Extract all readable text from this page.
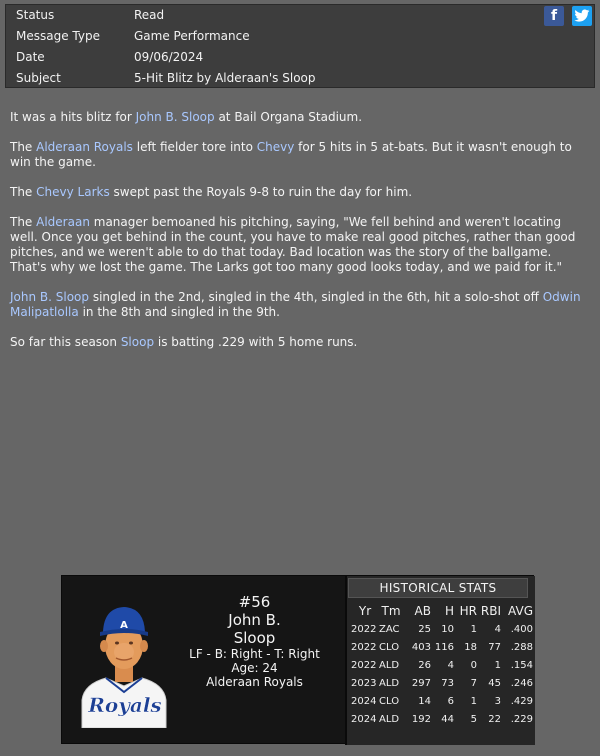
Status	Read
Message Type	Game Performance
Date	09/06/2024
Subject	5-Hit Blitz by Alderaan's Sloop
f

It was a hits blitz for John B. Sloop at Bail Organa Stadium.

The Alderaan Royals left fielder tore into Chevy for 5 hits in 5 at-bats. But it wasn't enough to win the game.

The Chevy Larks swept past the Royals 9-8 to ruin the day for him.

The Alderaan manager bemoaned his pitching, saying, "We fell behind and weren't locating well. Once you get behind in the count, you have to make real good pitches, rather than good pitches, and we weren't able to do that today. Bad location was the story of the ballgame. That's why we lost the game. The Larks got too many good looks today, and we paid for it."

John B. Sloop singled in the 2nd, singled in the 4th, singled in the 6th, hit a solo-shot off Odwin Malipatlolla in the 8th and singled in the 9th.

So far this season Sloop is batting .229 with 5 home runs.

Royals
A
#56
John B.
Sloop
LF - B: Right - T: Right
Age: 24
Alderaan Royals
HISTORICAL STATS
Yr	Tm	AB	H	HR	RBI	AVG
2022	ZAC	25	10	1	4	.400
2022	CLO	403	116	18	77	.288
2022	ALD	26	4	0	1	.154
2023	ALD	297	73	7	45	.246
2024	CLO	14	6	1	3	.429
2024	ALD	192	44	5	22	.229
